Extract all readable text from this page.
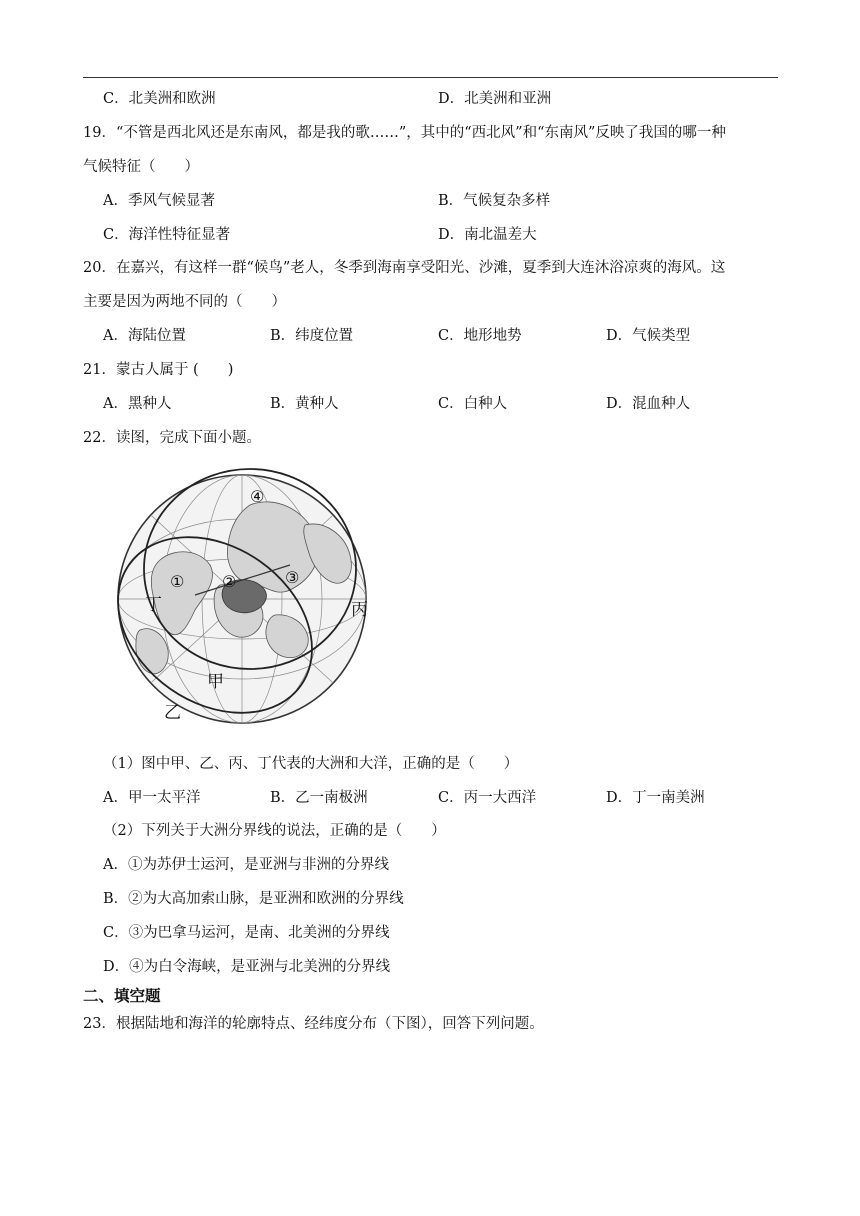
C．北美洲和欧洲	D．北美洲和亚洲
19．“不管是西北风还是东南风，都是我的歌……”，其中的“西北风”和“东南风”反映了我国的哪一种
气候特征（　　）
A．季风气候显著	B．气候复杂多样
C．海洋性特征显著	D．南北温差大
20．在嘉兴，有这样一群“候鸟”老人，冬季到海南享受阳光、沙滩，夏季到大连沐浴凉爽的海风。这
主要是因为两地不同的（　　）
A．海陆位置	B．纬度位置	C．地形地势	D．气候类型
21．蒙古人属于 (　　)
A．黑种人	B．黄种人	C．白种人	D．混血种人
22．读图，完成下面小题。
④
③
① ②
丙
丁
甲
乙
（1）图中甲、乙、丙、丁代表的大洲和大洋，正确的是（　　）
A．甲一太平洋	B．乙一南极洲	C．丙一大西洋	D．丁一南美洲
（2）下列关于大洲分界线的说法，正确的是（　　）
A．①为苏伊士运河，是亚洲与非洲的分界线
B．②为大高加索山脉，是亚洲和欧洲的分界线
C．③为巴拿马运河，是南、北美洲的分界线
D．④为白令海峡，是亚洲与北美洲的分界线
二、填空题
23．根据陆地和海洋的轮廓特点、经纬度分布（下图），回答下列问题。
